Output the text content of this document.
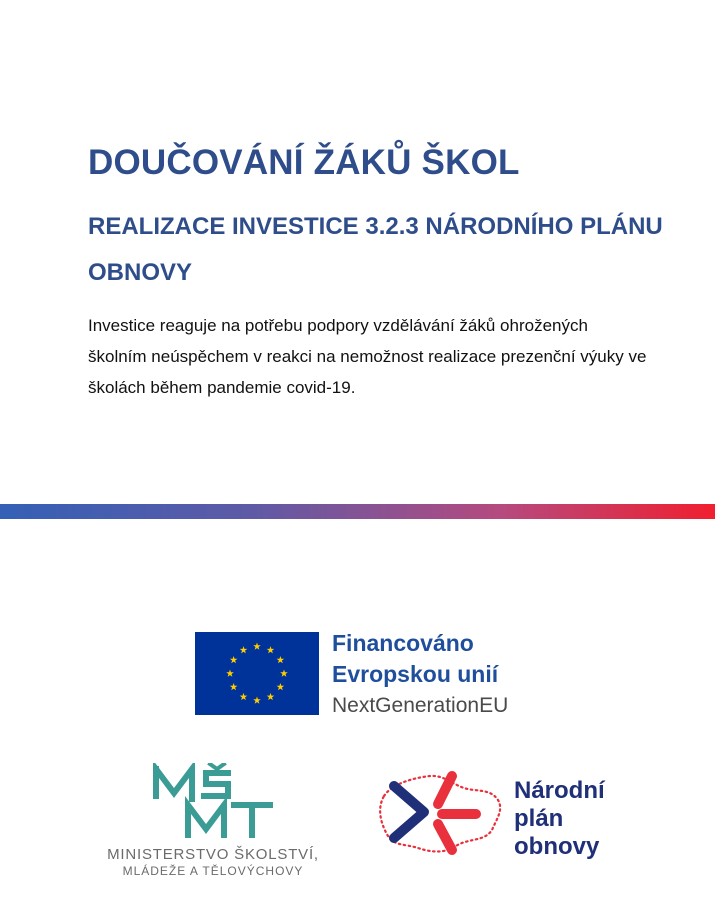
DOUČOVÁNÍ ŽÁKŮ ŠKOL
REALIZACE INVESTICE 3.2.3 NÁRODNÍHO PLÁNU OBNOVY

Investice reaguje na potřebu podpory vzdělávání žáků ohrožených školním neúspěchem v reakci na nemožnost realizace prezenční výuky ve školách během pandemie covid-19.

Financováno

Evropskou unií

NextGenerationEU

MINISTERSTVO ŠKOLSTVÍ,
MLÁDEŽE A TĚLOVÝCHOVY

Národní

plán

obnovy
